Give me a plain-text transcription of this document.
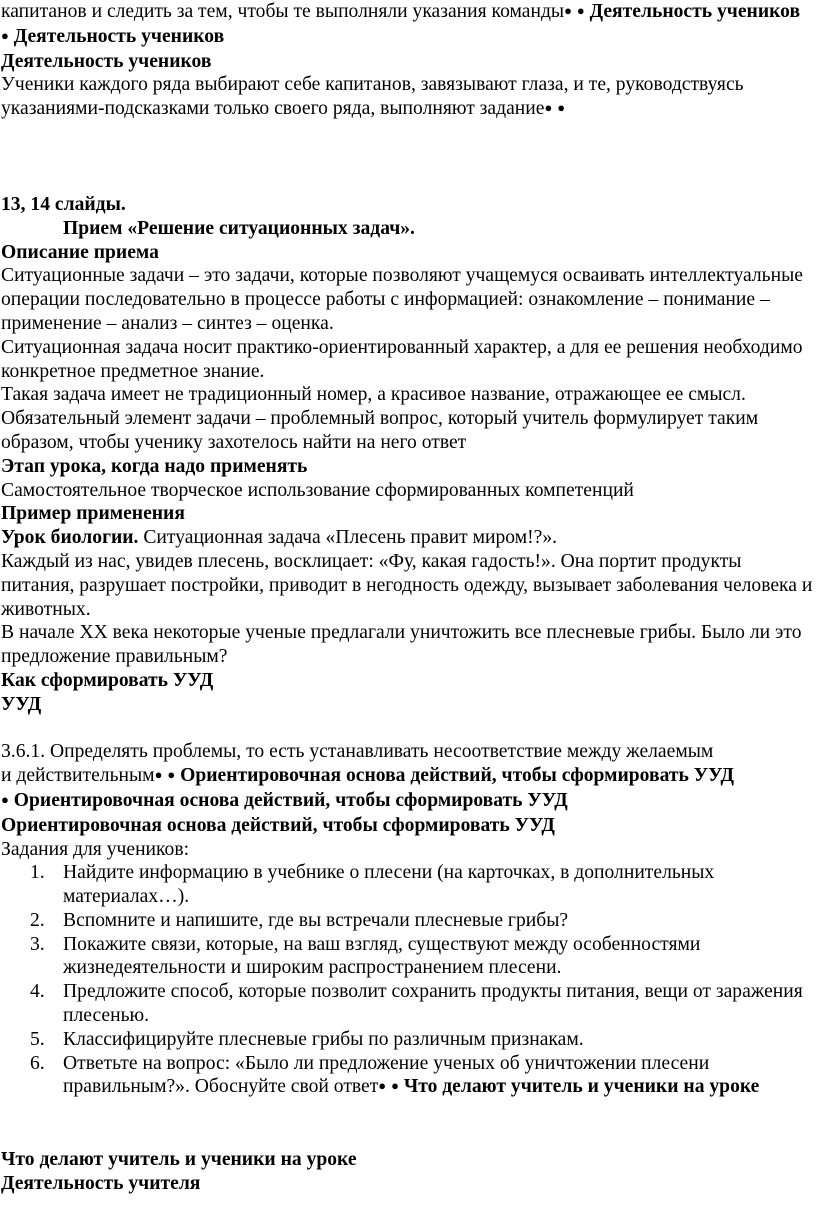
капитанов и следить за тем, чтобы те выполняли указания команды● ● Деятельность учеников

● Деятельность учеников

Деятельность учеников

Ученики каждого ряда выбирают себе капитанов, завязывают глаза, и те, руководствуясь указаниями-подсказками только своего ряда, выполняют задание● ●

13, 14 слайды.

Прием «Решение ситуационных задач».

Описание приема

Ситуационные задачи – это задачи, которые позволяют учащемуся осваивать интеллектуальные операции последовательно в процессе работы с информацией: ознакомление – понимание – применение – анализ – синтез – оценка.

Ситуационная задача носит практико-ориентированный характер, а для ее решения необходимо конкретное предметное знание.

Такая задача имеет не традиционный номер, а красивое название, отражающее ее смысл.

Обязательный элемент задачи – проблемный вопрос, который учитель формулирует таким образом, чтобы ученику захотелось найти на него ответ

Этап урока, когда надо применять

Самостоятельное творческое использование сформированных компетенций

Пример применения

Урок биологии. Ситуационная задача «Плесень правит миром!?».

Каждый из нас, увидев плесень, восклицает: «Фу, какая гадость!». Она портит продукты питания, разрушает постройки, приводит в негодность одежду, вызывает заболевания человека и животных.

В начале XX века некоторые ученые предлагали уничтожить все плесневые грибы. Было ли это предложение правильным?

Как сформировать УУД

УУД

3.6.1. Определять проблемы, то есть устанавливать несоответствие между желаемым

и действительным● ● Ориентировочная основа действий, чтобы сформировать УУД

● Ориентировочная основа действий, чтобы сформировать УУД

Ориентировочная основа действий, чтобы сформировать УУД

Задания для учеников:

1. Найдите информацию в учебнике о плесени (на карточках, в дополнительных материалах…).
2. Вспомните и напишите, где вы встречали плесневые грибы?
3. Покажите связи, которые, на ваш взгляд, существуют между особенностями жизнедеятельности и широким распространением плесени.
4. Предложите способ, которые позволит сохранить продукты питания, вещи от заражения плесенью.
5. Классифицируйте плесневые грибы по различным признакам.
6. Ответьте на вопрос: «Было ли предложение ученых об уничтожении плесени правильным?». Обоснуйте свой ответ● ● Что делают учитель и ученики на уроке

Что делают учитель и ученики на уроке

Деятельность учителя
